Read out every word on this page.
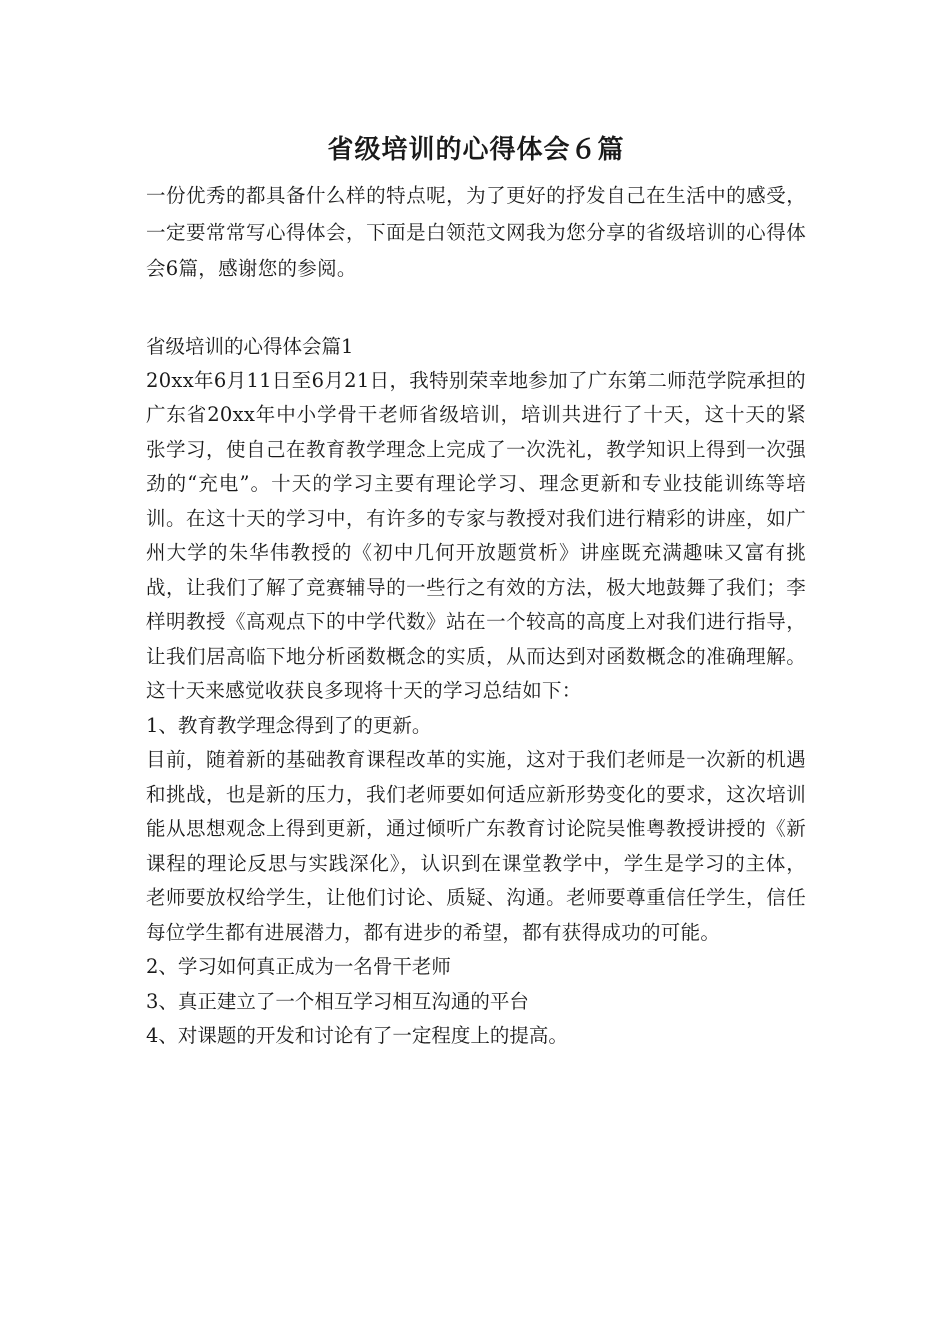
省级培训的心得体会６篇

一份优秀的都具备什么样的特点呢，为了更好的抒发自己在生活中的感受，一定要常常写心得体会，下面是白领范文网我为您分享的省级培训的心得体会6篇，感谢您的参阅。

省级培训的心得体会篇1

20xx年6月11日至6月21日，我特别荣幸地参加了广东第二师范学院承担的广东省20xx年中小学骨干老师省级培训，培训共进行了十天，这十天的紧张学习，使自己在教育教学理念上完成了一次洗礼，教学知识上得到一次强劲的“充电”。十天的学习主要有理论学习、理念更新和专业技能训练等培训。在这十天的学习中，有许多的专家与教授对我们进行精彩的讲座，如广州大学的朱华伟教授的《初中几何开放题赏析》讲座既充满趣味又富有挑战，让我们了解了竞赛辅导的一些行之有效的方法，极大地鼓舞了我们；李样明教授《高观点下的中学代数》站在一个较高的高度上对我们进行指导，让我们居高临下地分析函数概念的实质，从而达到对函数概念的准确理解。这十天来感觉收获良多现将十天的学习总结如下：

1、教育教学理念得到了的更新。

目前，随着新的基础教育课程改革的实施，这对于我们老师是一次新的机遇和挑战，也是新的压力，我们老师要如何适应新形势变化的要求，这次培训能从思想观念上得到更新，通过倾听广东教育讨论院吴惟粤教授讲授的《新课程的理论反思与实践深化》，认识到在课堂教学中，学生是学习的主体，老师要放权给学生，让他们讨论、质疑、沟通。老师要尊重信任学生，信任每位学生都有进展潜力，都有进步的希望，都有获得成功的可能。

2、学习如何真正成为一名骨干老师

3、真正建立了一个相互学习相互沟通的平台

4、对课题的开发和讨论有了一定程度上的提高。
